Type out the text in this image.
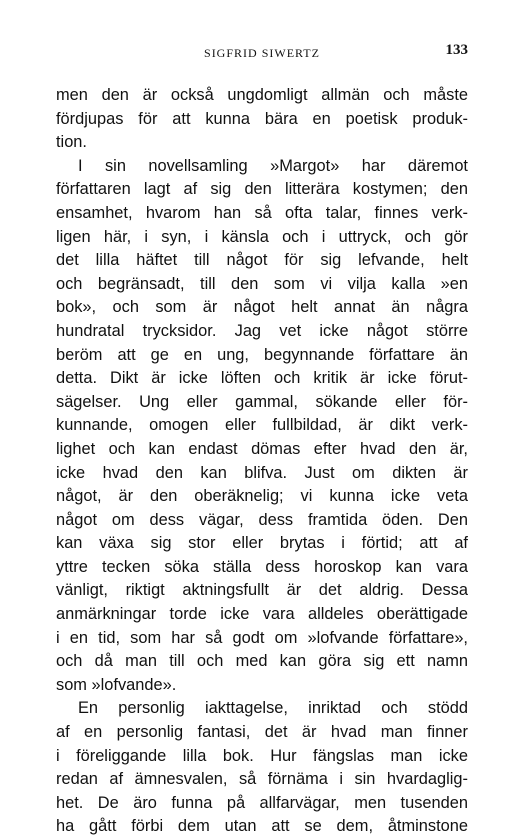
SIGFRID SIWERTZ	133
men den är också ungdomligt allmän och måste
fördjupas för att kunna bära en poetisk produk-
tion.
I sin novellsamling »Margot» har däremot
författaren lagt af sig den litterära kostymen; den
ensamhet, hvarom han så ofta talar, finnes verk-
ligen här, i syn, i känsla och i uttryck, och gör
det lilla häftet till något för sig lefvande, helt
och begränsadt, till den som vi vilja kalla »en
bok», och som är något helt annat än några
hundratal trycksidor. Jag vet icke något större
beröm att ge en ung, begynnande författare än
detta. Dikt är icke löften och kritik är icke förut-
sägelser. Ung eller gammal, sökande eller för-
kunnande, omogen eller fullbildad, är dikt verk-
lighet och kan endast dömas efter hvad den är,
icke hvad den kan blifva. Just om dikten är
något, är den oberäknelig; vi kunna icke veta
något om dess vägar, dess framtida öden. Den
kan växa sig stor eller brytas i förtid; att af
yttre tecken söka ställa dess horoskop kan vara
vänligt, riktigt aktningsfullt är det aldrig. Dessa
anmärkningar torde icke vara alldeles oberättigade
i en tid, som har så godt om »lofvande författare»,
och då man till och med kan göra sig ett namn
som »lofvande».
En personlig iakttagelse, inriktad och stödd
af en personlig fantasi, det är hvad man finner
i föreliggande lilla bok. Hur fängslas man icke
redan af ämnesvalen, så förnäma i sin hvardaglig-
het. De äro funna på allfarvägar, men tusenden
ha gått förbi dem utan att se dem, åtminstone
